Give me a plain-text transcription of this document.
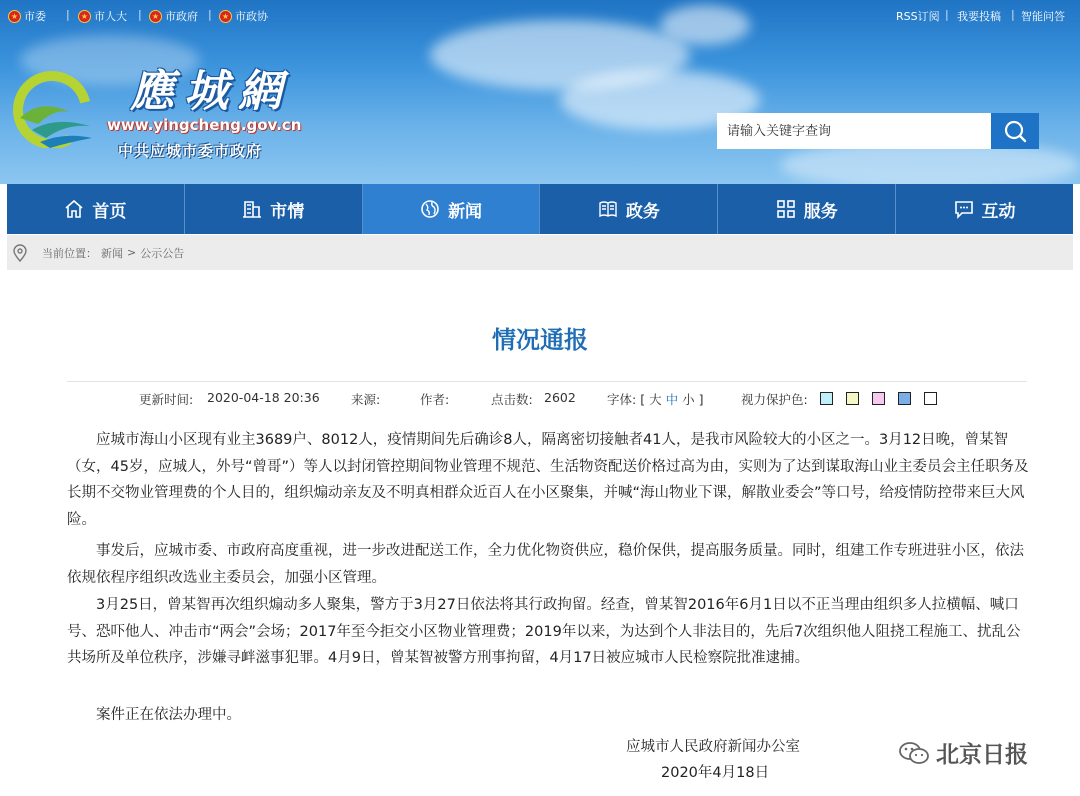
★ 市委 |	★ 市人大 |	★ 市政府 |	★ 市政协	RSS订阅 | 我要投稿 | 智能问答
應城網
www.yingcheng.gov.cn
中共应城市委市政府
请输入关键字查询
首页	市情	新闻	政务	服务	互动
当前位置： 新闻 > 公示公告
情况通报
更新时间: 2020-04-18 20:36	来源:	作者:	点击数: 2602 字体: [ 大 中 小 ]	视力保护色:

应城市海山小区现有业主3689户、8012人，疫情期间先后确诊8人，隔离密切接触者41人，是我市风险较大的小区之一。3月12日晚，曾某智（女，45岁，应城人，外号“曾哥”）等人以封闭管控期间物业管理不规范、生活物资配送价格过高为由，实则为了达到谋取海山业主委员会主任职务及长期不交物业管理费的个人目的，组织煽动亲友及不明真相群众近百人在小区聚集，并喊“海山物业下课，解散业委会”等口号，给疫情防控带来巨大风险。

事发后，应城市委、市政府高度重视，进一步改进配送工作，全力优化物资供应，稳价保供，提高服务质量。同时，组建工作专班进驻小区，依法依规依程序组织改选业主委员会，加强小区管理。

3月25日，曾某智再次组织煽动多人聚集，警方于3月27日依法将其行政拘留。经查，曾某智2016年6月1日以不正当理由组织多人拉横幅、喊口号、恐吓他人、冲击市“两会”会场；2017年至今拒交小区物业管理费；2019年以来，为达到个人非法目的，先后7次组织他人阻挠工程施工、扰乱公共场所及单位秩序，涉嫌寻衅滋事犯罪。4月9日，曾某智被警方刑事拘留，4月17日被应城市人民检察院批准逮捕。

案件正在依法办理中。

应城市人民政府新闻办公室
2020年4月18日
北京日报
